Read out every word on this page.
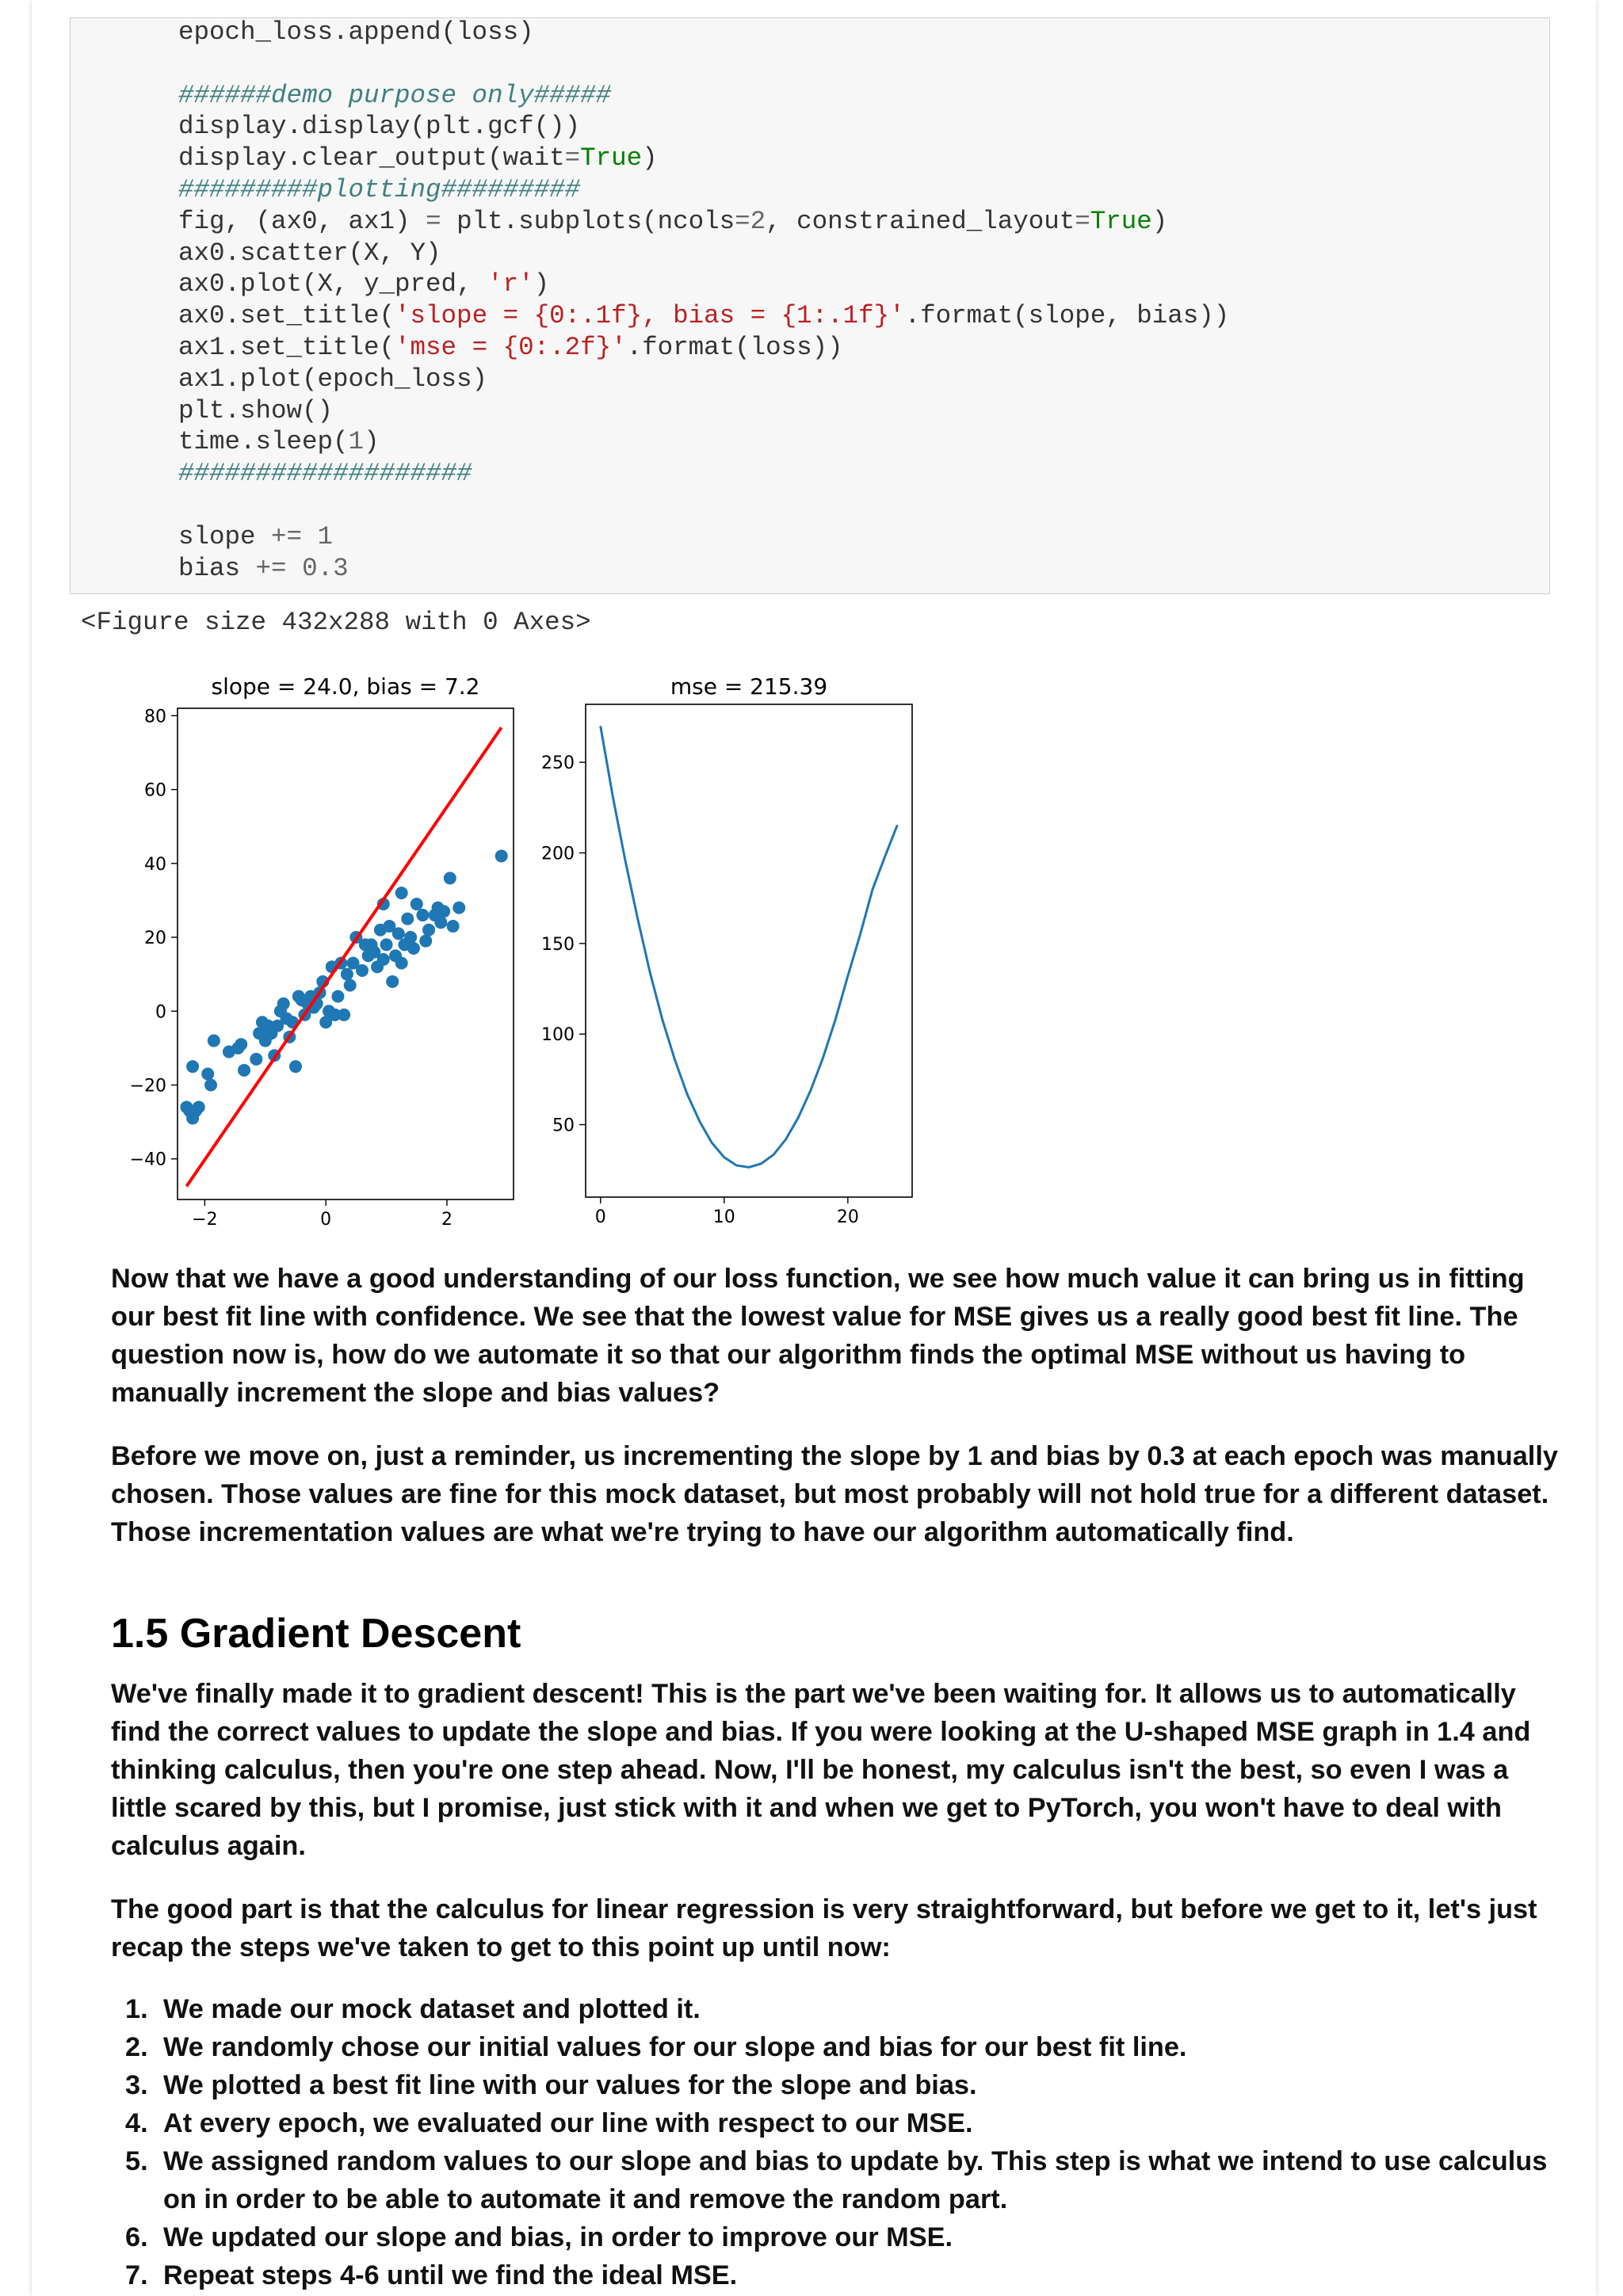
epoch_loss.append(loss)
######demo purpose only#####
display.display(plt.gcf())
display.clear_output(wait=True)
#########plotting#########
fig, (ax0, ax1) = plt.subplots(ncols=2, constrained_layout=True)
ax0.scatter(X, Y)
ax0.plot(X, y_pred, 'r')
ax0.set_title('slope = {0:.1f}, bias = {1:.1f}'.format(slope, bias))
ax1.set_title('mse = {0:.2f}'.format(loss))
ax1.plot(epoch_loss)
plt.show()
time.sleep(1)
###################
slope += 1
bias += 0.3
<Figure size 432x288 with 0 Axes>
slope = 24.0, bias = 7.2
−2	0	2
−40
−20
0
20
40
60
80
mse = 215.39
0	10	20
50
100
150
200
250

Now that we have a good understanding of our loss function, we see how much value it can bring us in fitting our best fit line with confidence. We see that the lowest value for MSE gives us a really good best fit line. The question now is, how do we automate it so that our algorithm finds the optimal MSE without us having to manually increment the slope and bias values?

Before we move on, just a reminder, us incrementing the slope by 1 and bias by 0.3 at each epoch was manually chosen. Those values are fine for this mock dataset, but most probably will not hold true for a different dataset. Those incrementation values are what we're trying to have our algorithm automatically find.

1.5 Gradient Descent

We've finally made it to gradient descent! This is the part we've been waiting for. It allows us to automatically find the correct values to update the slope and bias. If you were looking at the U-shaped MSE graph in 1.4 and thinking calculus, then you're one step ahead. Now, I'll be honest, my calculus isn't the best, so even I was a little scared by this, but I promise, just stick with it and when we get to PyTorch, you won't have to deal with calculus again.

The good part is that the calculus for linear regression is very straightforward, but before we get to it, let's just recap the steps we've taken to get to this point up until now:

1. We made our mock dataset and plotted it.
2. We randomly chose our initial values for our slope and bias for our best fit line.
3. We plotted a best fit line with our values for the slope and bias.
4. At every epoch, we evaluated our line with respect to our MSE.
5. We assigned random values to our slope and bias to update by. This step is what we intend to use calculus on in order to be able to automate it and remove the random part.
6. We updated our slope and bias, in order to improve our MSE.
7. Repeat steps 4-6 until we find the ideal MSE.
